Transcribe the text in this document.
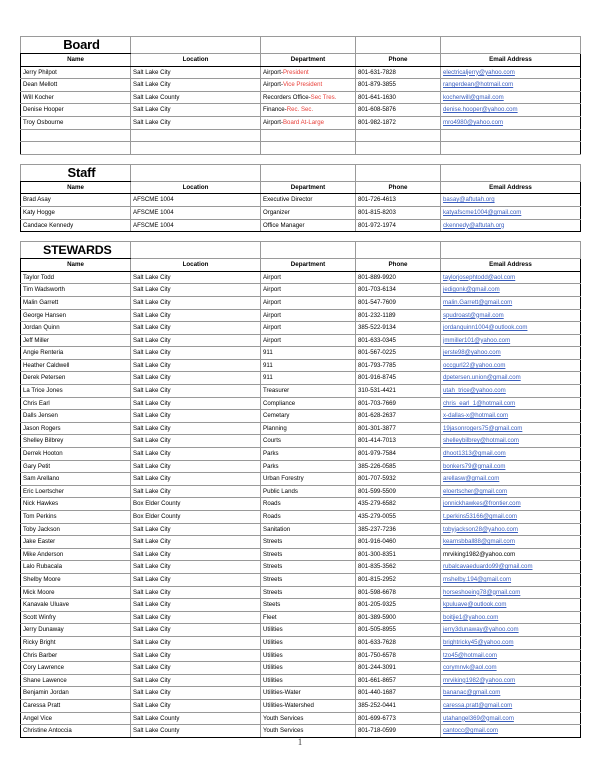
Board				
Name	Location	Department	Phone	Email Address
Jerry Philpot	Salt Lake City	Airport-President	801-631-7828	electricaljerry@yahoo.com
Dean Mellott	Salt Lake City	Airport-Vice President	801-879-3855	rangerdean@hotmail.com
Will Kocher	Salt Lake County	Recorders Office-Sec Tres.	801-641-1630	kocherwill@gmail.com
Denise Hooper	Salt Lake City	Finance-Rec. Sec.	801-608-5876	denise.hooper@yahoo.com
Troy Osbourne	Salt Lake City	Airport-Board At-Large	801-982-1872	mro4980@yahoo.com

Staff				
Name	Location	Department	Phone	Email Address
Brad Asay	AFSCME 1004	Executive Director	801-726-4613	basay@aftutah.org
Katy Hogge	AFSCME 1004	Organizer	801-815-8203	katyafscme1004@gmail.com
Candace Kennedy	AFSCME 1004	Office Manager	801-972-1974	ckennedy@aftutah.org
STEWARDS				
Name	Location	Department	Phone	Email Address
Taylor Todd	Salt Lake City	Airport	801-889-9920	taylorjosephtodd@aol.com
Tim Wadsworth	Salt Lake City	Airport	801-703-6134	jedigonk@gmail.com
Malin Garrett	Salt Lake City	Airport	801-547-7609	malin.Garrett@gmail.com
George Hansen	Salt Lake City	Airport	801-232-1189	spudroast@gmail.com
Jordan Quinn	Salt Lake City	Airport	385-522-9134	jordanquinn1004@outlook.com
Jeff Miller	Salt Lake City	Airport	801-633-0345	jmmiller101@yahoo.com
Angie Renteria	Salt Lake City	911	801-567-0225	jerste98@yahoo.com
Heather Caldwell	Salt Lake City	911	801-793-7785	occgurl22@yahoo.com
Derek Petersen	Salt Lake City	911	801-916-8745	dpetersen.union@gmail.com
La Trice Jones	Salt Lake City	Treasurer	310-531-4421	utah_trice@yahoo.com
Chris Earl	Salt Lake City	Compliance	801-703-7669	chris_earl_1@hotmail.com
Dalls Jensen	Salt Lake City	Cemetary	801-628-2637	x-dallas-x@hotmail.com
Jason Rogers	Salt Lake City	Planning	801-301-3877	19jasonrogers75@gmail.com
Shelley Bilbrey	Salt Lake City	Courts	801-414-7013	shelleybilbrey@hotmail.com
Derrek Hooton	Salt Lake City	Parks	801-979-7584	dhoot1313@gmail.com
Gary Petit	Salt Lake City	Parks	385-226-0585	bonkers79@gmail.com
Sam Arellano	Salt Lake City	Urban Forestry	801-707-5932	arellasw@gmail.com
Eric Loertscher	Salt Lake City	Public Lands	801-599-5509	eloertscher@gmail.com
Nick Hawkes	Box Elder County	Roads	435-279-6582	jonnickhawkes@frontier.com
Tom Perkins	Box Elder County	Roads	435-279-0055	t.perkins53166@gmail.com
Toby Jackson	Salt Lake City	Sanitation	385-237-7236	tobyjackson28@yahoo.com
Jake Easter	Salt Lake City	Streets	801-916-0460	kearnsbball88@gmail.com
Mike Anderson	Salt Lake City	Streets	801-300-8351	mrviking1982@yahoo.com
Lalo Rubacala	Salt Lake City	Streets	801-835-3562	rubalcavaeduardo99@gmail.com
Shelby Moore	Salt Lake City	Streets	801-815-2952	mshelby.194@gmail.com
Mick Moore	Salt Lake City	Streets	801-598-6678	horseshoeing78@gmail.com
Kanavale Uluave	Salt Lake City	Steets	801-205-9325	kpuluave@outlook.com
Scott Winfry	Salt Lake City	Fleet	801-389-5900	boitjie1@yahoo.com
Jerry Dunaway	Salt Lake City	Utilities	801-505-8955	jerry3dunaway@yahoo.com
Ricky Bright	Salt Lake City	Utilities	801-633-7628	brightricky45@yahoo.com
Chris Barber	Salt Lake City	Utilities	801-750-6578	tzo45@hotmail.com
Cory Lawrence	Salt Lake City	Utilities	801-244-3091	corymnvk@aol.com
Shane Lawence	Salt Lake City	Utilities	801-661-8657	mrviking1982@yahoo.com
Benjamin Jordan	Salt Lake City	Utilities-Water	801-440-1687	bananac@gmail.com
Caressa Pratt	Salt Lake City	Utilities-Watershed	385-252-0441	caressa.pratt@gmail.com
Angel Vice	Salt Lake County	Youth Services	801-699-6773	utahangel369@gmail.com
Christine Antoccia	Salt Lake County	Youth Services	801-718-0599	cantocc@gmail.com
1
